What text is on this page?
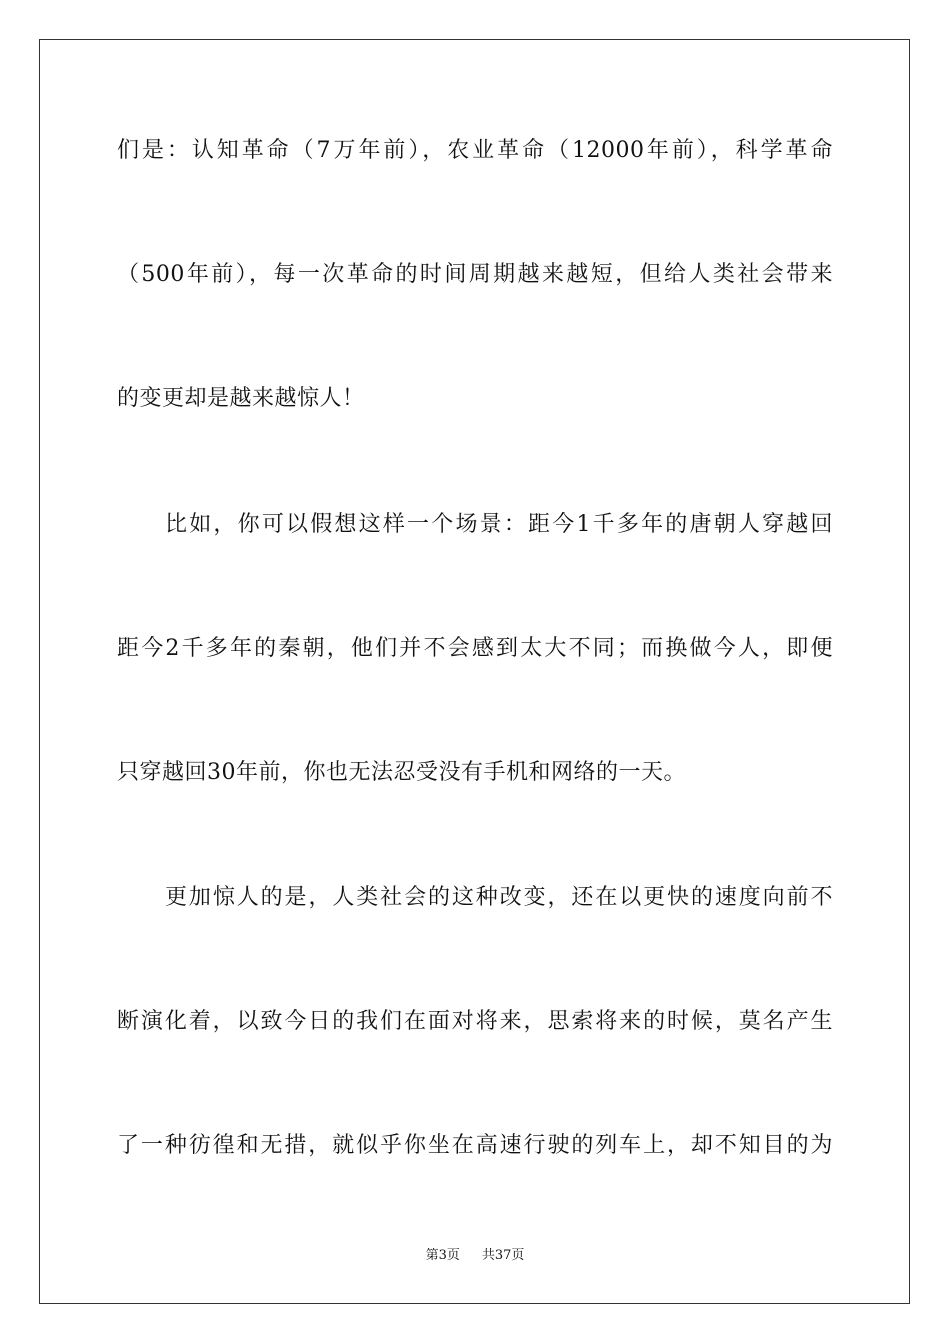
们是：认知革命（7万年前），农业革命（12000年前），科学革命
（500年前），每一次革命的时间周期越来越短，但给人类社会带来
的变更却是越来越惊人！
比如，你可以假想这样一个场景：距今1千多年的唐朝人穿越回
距今2千多年的秦朝，他们并不会感到太大不同；而换做今人，即便
只穿越回30年前，你也无法忍受没有手机和网络的一天。
更加惊人的是，人类社会的这种改变，还在以更快的速度向前不
断演化着，以致今日的我们在面对将来，思索将来的时候，莫名产生
了一种彷徨和无措，就似乎你坐在高速行驶的列车上，却不知目的为
第3页 共37页
